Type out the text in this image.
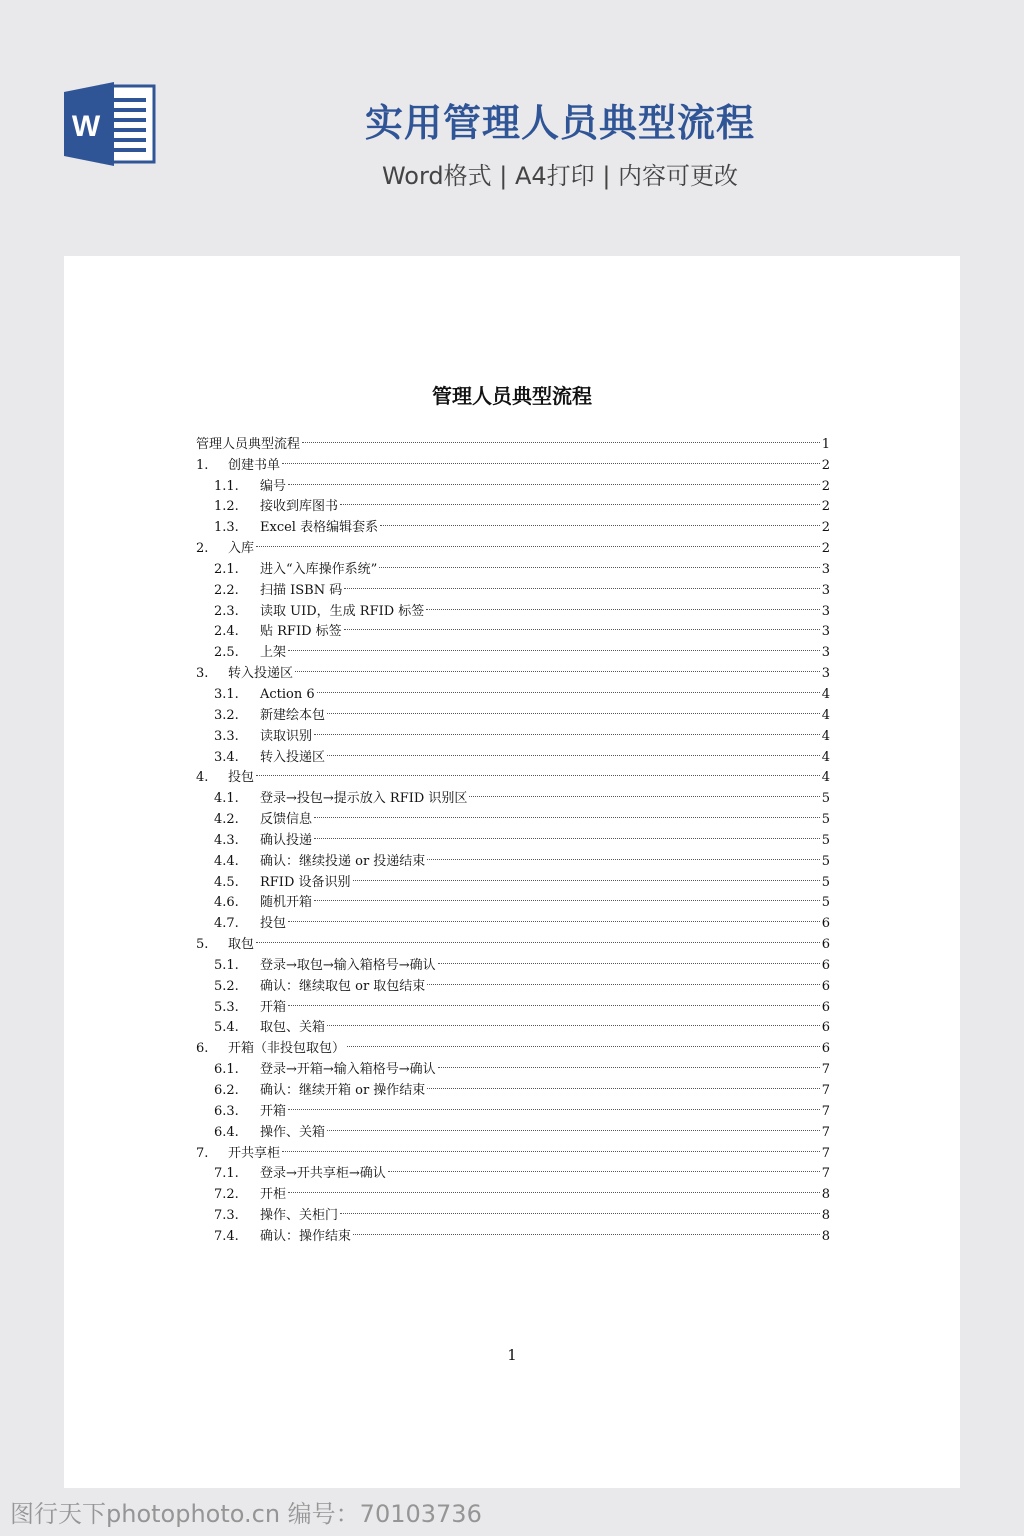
W	实用管理人员典型流程
Word格式 | A4打印 | 内容可更改
管理人员典型流程
管理人员典型流程	1
1.	创建书单	2
1.1.	编号	2
1.2.	接收到库图书	2
1.3.	Excel 表格编辑套系	2
2.	入库	2
2.1.	进入“入库操作系统”	3
2.2.	扫描 ISBN 码	3
2.3.	读取 UID，生成 RFID 标签	3
2.4.	贴 RFID 标签	3
2.5.	上架	3
3.	转入投递区	3
3.1.	Action 6	4
3.2.	新建绘本包	4
3.3.	读取识别	4
3.4.	转入投递区	4
4.	投包	4
4.1.	登录→投包→提示放入 RFID 识别区	5
4.2.	反馈信息	5
4.3.	确认投递	5
4.4.	确认：继续投递 or 投递结束	5
4.5.	RFID 设备识别	5
4.6.	随机开箱	5
4.7.	投包	6
5.	取包	6
5.1.	登录→取包→输入箱格号→确认	6
5.2.	确认：继续取包 or 取包结束	6
5.3.	开箱	6
5.4.	取包、关箱	6
6.	开箱（非投包取包）	6
6.1.	登录→开箱→输入箱格号→确认	7
6.2.	确认：继续开箱 or 操作结束	7
6.3.	开箱	7
6.4.	操作、关箱	7
7.	开共享柜	7
7.1.	登录→开共享柜→确认	7
7.2.	开柜	8
7.3.	操作、关柜门	8
7.4.	确认：操作结束	8
1
图行天下photophoto.cn 编号：70103736
